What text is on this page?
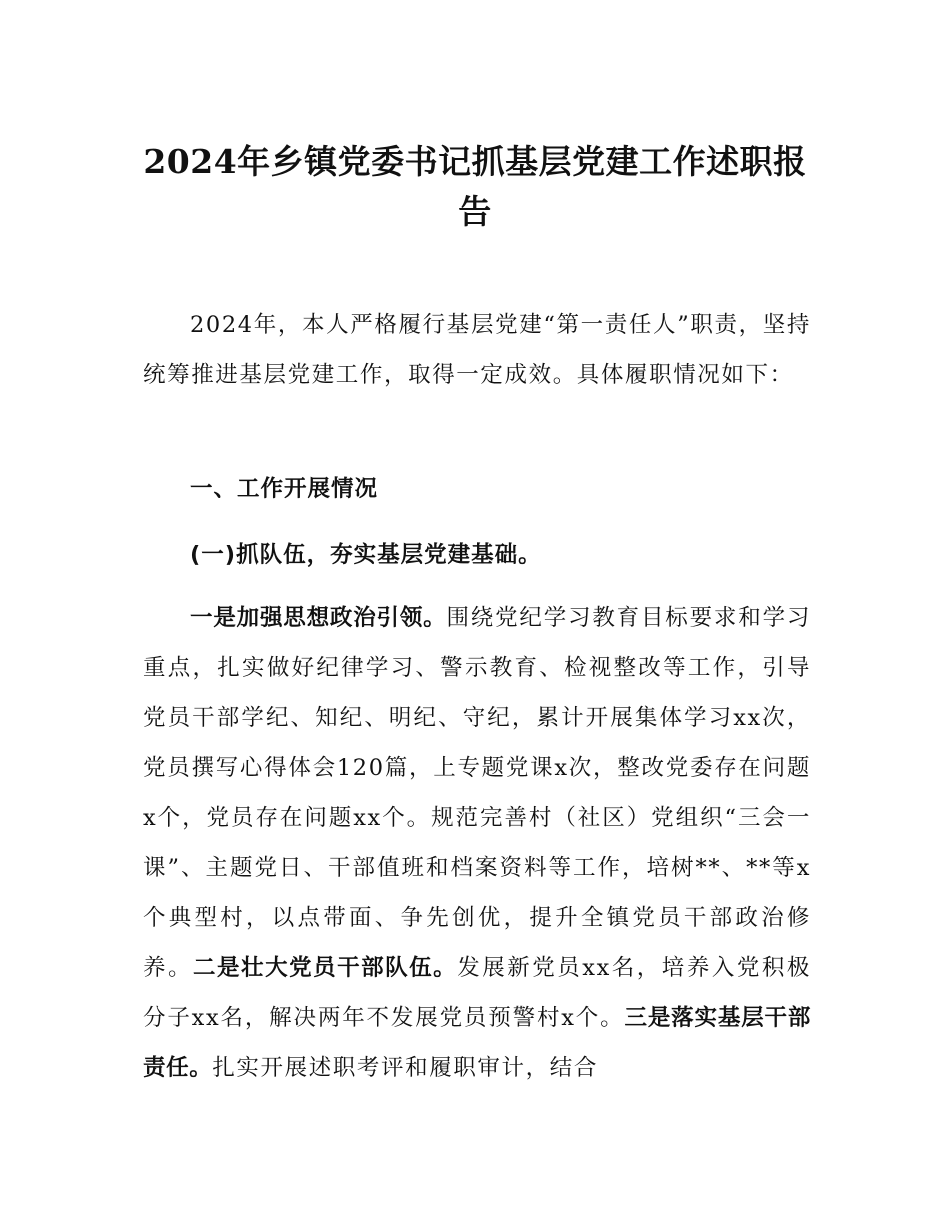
2024年乡镇党委书记抓基层党建工作述职报
告

2024年，本人严格履行基层党建“第一责任人”职责，坚持统筹推进基层党建工作，取得一定成效。具体履职情况如下：

一、工作开展情况
(一)抓队伍，夯实基层党建基础。

一是加强思想政治引领。围绕党纪学习教育目标要求和学习重点，扎实做好纪律学习、警示教育、检视整改等工作，引导党员干部学纪、知纪、明纪、守纪，累计开展集体学习xx次，党员撰写心得体会120篇，上专题党课x次，整改党委存在问题x个，党员存在问题xx个。规范完善村（社区）党组织“三会一课”、主题党日、干部值班和档案资料等工作，培树**、**等x个典型村，以点带面、争先创优，提升全镇党员干部政治修养。二是壮大党员干部队伍。发展新党员xx名，培养入党积极分子xx名，解决两年不发展党员预警村x个。三是落实基层干部责任。扎实开展述职考评和履职审计，结合
